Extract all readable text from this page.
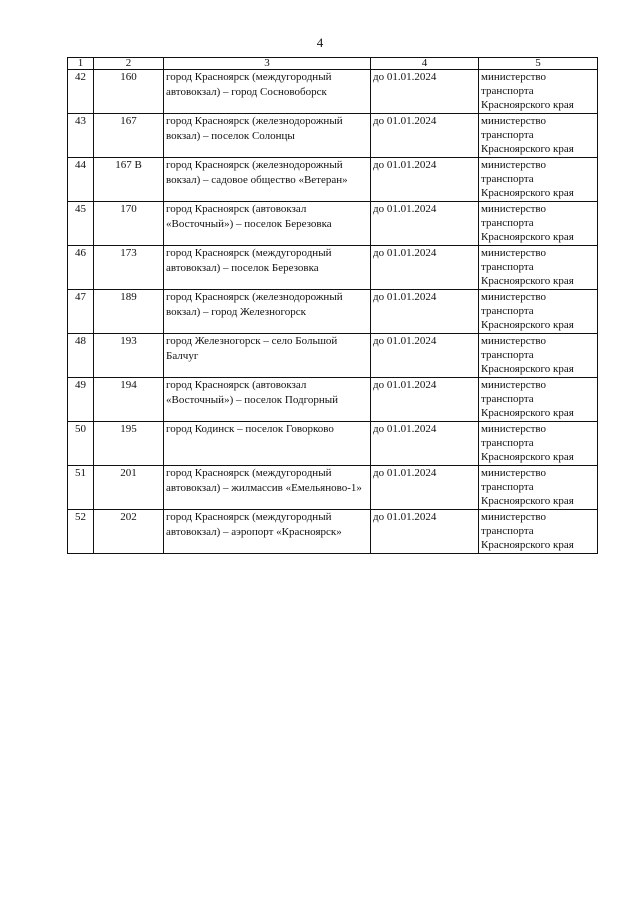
4
1	2	3	4	5
42	160	город Красноярск (междугородный автовокзал) – город Сосновоборск	до 01.01.2024	министерство
транспорта
Красноярского края

43	167	город Красноярск (железнодорожный вокзал) – поселок Солонцы	до 01.01.2024	министерство
транспорта
Красноярского края

44	167 В	город Красноярск (железнодорожный вокзал) – садовое общество «Ветеран»	до 01.01.2024	министерство
транспорта
Красноярского края

45	170	город Красноярск (автовокзал «Восточный») – поселок Березовка	до 01.01.2024	министерство
транспорта
Красноярского края

46	173	город Красноярск (междугородный автовокзал) – поселок Березовка	до 01.01.2024	министерство
транспорта
Красноярского края

47	189	город Красноярск (железнодорожный вокзал) – город Железногорск	до 01.01.2024	министерство
транспорта
Красноярского края

48	193	город Железногорск – село Большой Балчуг	до 01.01.2024	министерство
транспорта
Красноярского края

49	194	город Красноярск (автовокзал «Восточный») – поселок Подгорный	до 01.01.2024	министерство
транспорта
Красноярского края

50	195	город Кодинск – поселок Говорково	до 01.01.2024	министерство
транспорта
Красноярского края

51	201	город Красноярск (междугородный автовокзал) – жилмассив «Емельяново-1»	до 01.01.2024	министерство
транспорта
Красноярского края

52	202	город Красноярск (междугородный автовокзал) – аэропорт «Красноярск»	до 01.01.2024	министерство
транспорта
Красноярского края
